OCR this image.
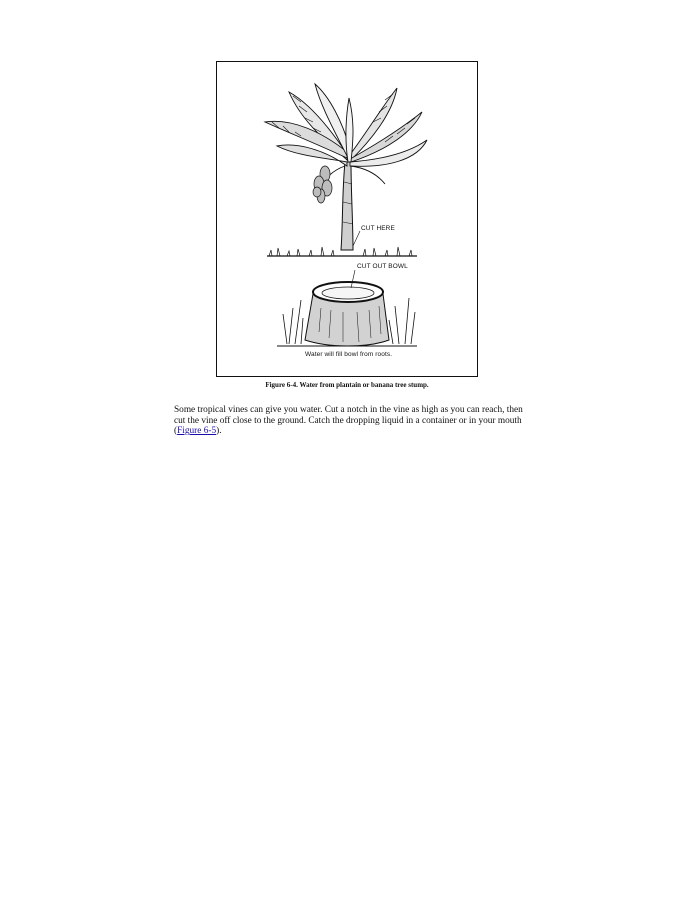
CUT HERE
CUT OUT BOWL
Water will fill bowl from roots.
Figure 6-4. Water from plantain or banana tree stump.

Some tropical vines can give you water. Cut a notch in the vine as high as you can reach, then cut the vine off close to the ground. Catch the dropping liquid in a container or in your mouth (Figure 6-5).
